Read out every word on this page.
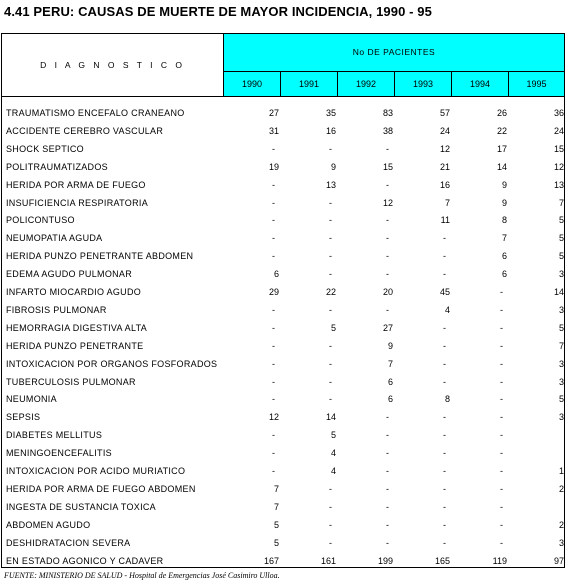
4.41 PERU: CAUSAS DE MUERTE DE MAYOR INCIDENCIA, 1990 - 95
D I A G N O S T I C O
No DE PACIENTES
1990	1991	1992	1993	1994	1995
TRAUMATISMO ENCEFALO CRANEANO	27	35	83	57	26	36
ACCIDENTE CEREBRO VASCULAR	31	16	38	24	22	24
SHOCK SEPTICO	-	-	-	12	17	15
POLITRAUMATIZADOS	19	9	15	21	14	12
HERIDA POR ARMA DE FUEGO	-	13	-	16	9	13
INSUFICIENCIA RESPIRATORIA	-	-	12	7	9	7
POLICONTUSO	-	-	-	11	8	5
NEUMOPATIA AGUDA	-	-	-	-	7	5
HERIDA PUNZO PENETRANTE ABDOMEN	-	-	-	-	6	5
EDEMA AGUDO PULMONAR	6	-	-	-	6	3
INFARTO MIOCARDIO AGUDO	29	22	20	45	-	14
FIBROSIS PULMONAR	-	-	-	4	-	3
HEMORRAGIA DIGESTIVA ALTA	-	5	27	-	-	5
HERIDA PUNZO PENETRANTE	-	-	9	-	-	7
INTOXICACION POR ORGANOS FOSFORADOS	-	-	7	-	-	3
TUBERCULOSIS PULMONAR	-	-	6	-	-	3
NEUMONIA	-	-	6	8	-	5
SEPSIS	12	14	-	-	-	3
DIABETES MELLITUS	-	5	-	-	-
MENINGOENCEFALITIS	-	4	-	-	-
INTOXICACION POR ACIDO MURIATICO	-	4	-	-	-	1
HERIDA POR ARMA DE FUEGO ABDOMEN	7	-	-	-	-	2
INGESTA DE SUSTANCIA TOXICA	7	-	-	-	-
ABDOMEN AGUDO	5	-	-	-	-	2
DESHIDRATACION SEVERA	5	-	-	-	-	3
EN ESTADO AGONICO Y CADAVER	167	161	199	165	119	97
FUENTE: MINISTERIO DE SALUD - Hospital de Emergencias José Casimiro Ulloa.
